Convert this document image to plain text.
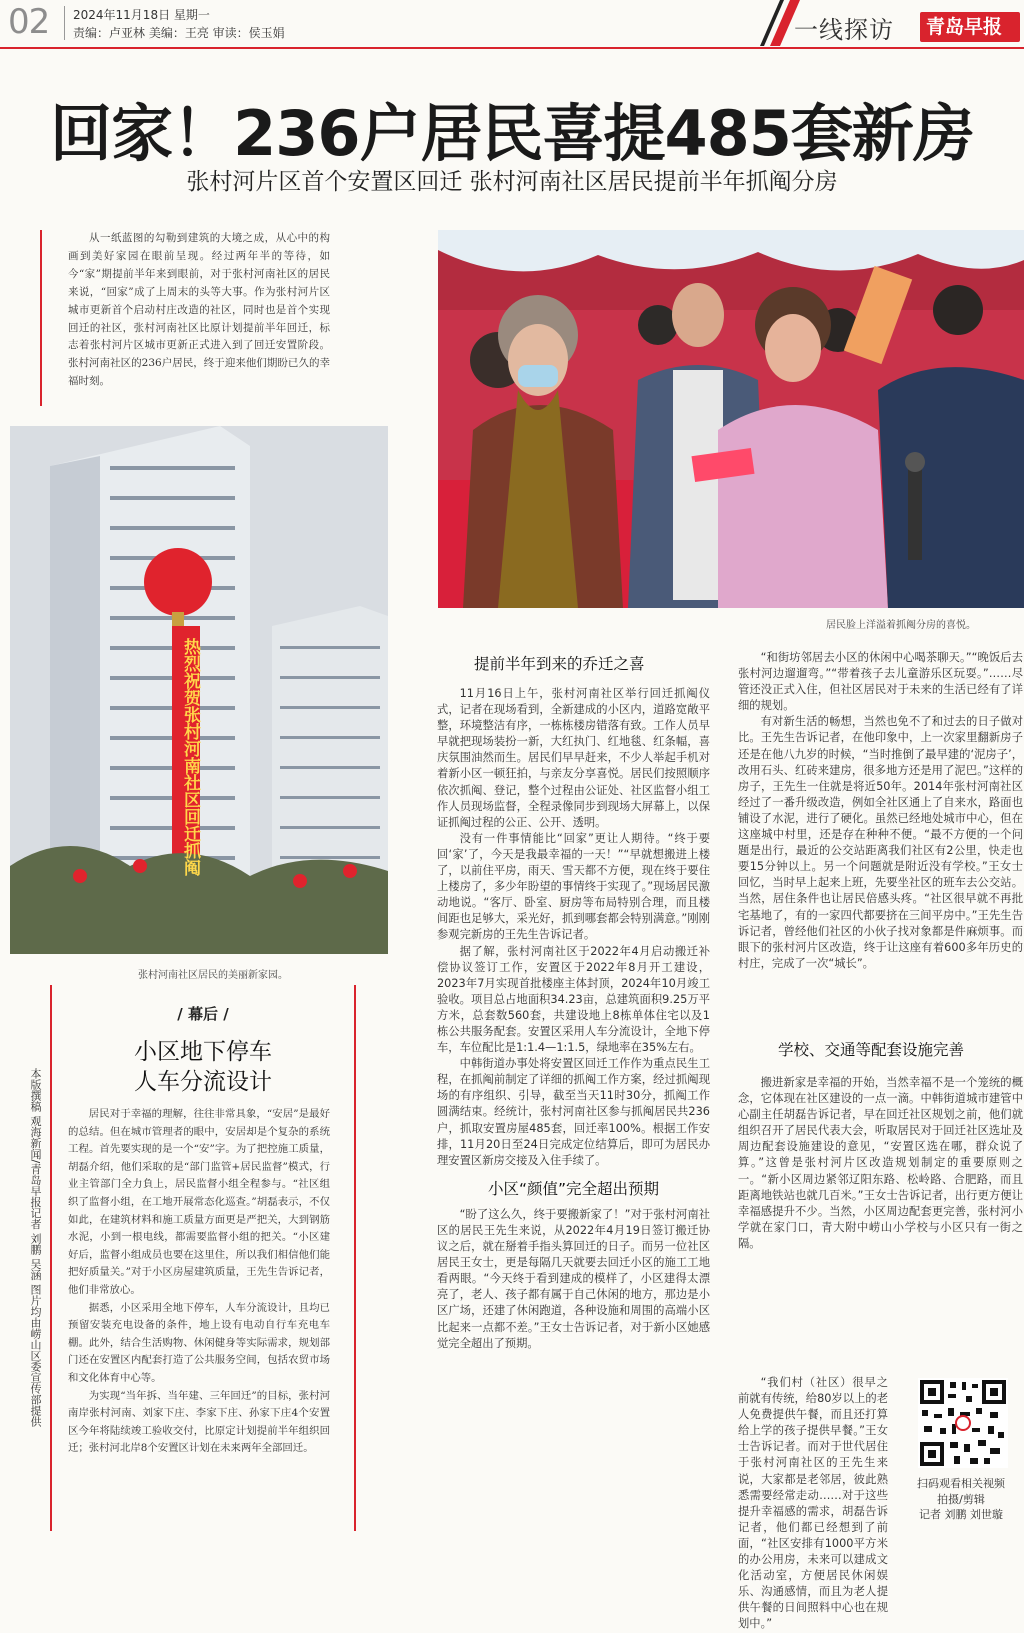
02 2024年11月18日 星期一
责编：卢亚林 美编：王亮 审读：侯玉娟	一线探访	青岛早报
回家！236户居民喜提485套新房
张村河片区首个安置区回迁 张村河南社区居民提前半年抓阄分房
从一纸蓝图的勾勒到建筑的大境之成，从心中的构画到美好家园在眼前呈现。经过两年半的等待，如今“家”期提前半年来到眼前，对于张村河南社区的居民来说，“回家”成了上周末的头等大事。作为张村河片区城市更新首个启动村庄改造的社区，同时也是首个实现回迁的社区，张村河南社区比原计划提前半年回迁，标志着张村河片区城市更新正式进入到了回迁安置阶段。张村河南社区的236户居民，终于迎来他们期盼已久的幸福时刻。
居民脸上洋溢着抓阄分房的喜悦。
热烈祝贺张村河南社区回迁抓阄
张村河南社区居民的美丽新家园。
/ 幕后 /
小区地下停车
人车分流设计

居民对于幸福的理解，往往非常具象，“安居”是最好的总结。但在城市管理者的眼中，安居却是个复杂的系统工程。首先要实现的是一个“安”字。为了把控施工质量，胡磊介绍，他们采取的是“部门监管+居民监督”模式，行业主管部门全力負上，居民监督小组全程参与。“社区组织了监督小组，在工地开展常态化巡查。”胡磊表示，不仅如此，在建筑材料和施工质量方面更是严把关，大到钢筋水泥，小到一根电线，都需要监督小组的把关。“小区建好后，监督小组成员也要在这里住，所以我们相信他们能把好质量关。”对于小区房屋建筑质量，王先生告诉记者，他们非常放心。

据悉，小区采用全地下停车，人车分流设计，且均已预留安装充电设备的条件，地上设有电动自行车充电车棚。此外，结合生活购物、休闲健身等实际需求，规划部门还在安置区内配套打造了公共服务空间，包括农贸市场和文化体育中心等。

为实现“当年拆、当年建、三年回迁”的目标，张村河南岸张村河南、刘家下庄、李家下庄、孙家下庄4个安置区今年将陆续竣工验收交付，比原定计划提前半年组织回迁；张村河北岸8个安置区计划在未来两年全部回迁。

本版撰稿 观海新闻/青岛早报记者 刘鹏 吴涵 图片均由崂山区委宣传部提供
提前半年到来的乔迁之喜

11月16日上午，张村河南社区举行回迁抓阄仪式，记者在现场看到，全新建成的小区内，道路宽敞平整，环境整洁有序，一栋栋楼房错落有致。工作人员早早就把现场装扮一新，大红执门、红地毯、红条幅，喜庆氛围油然而生。居民们早早赶来，不少人举起手机对着新小区一顿狂拍，与亲友分享喜悦。居民们按照顺序依次抓阄、登记，整个过程由公证处、社区监督小组工作人员现场监督，全程录像同步到现场大屏幕上，以保证抓阄过程的公正、公开、透明。

没有一件事情能比“回家”更让人期待。“终于要回‘家’了，今天是我最幸福的一天！”“早就想搬进上楼了，以前住平房，雨天、雪天都不方便，现在终于要住上楼房了，多少年盼望的事情终于实现了。”现场居民激动地说。“客厅、卧室、厨房等布局特别合理，而且楼间距也足够大，采光好，抓到哪套都会特别满意。”刚刚参观完新房的王先生告诉记者。

据了解，张村河南社区于2022年4月启动搬迁补偿协议签订工作，安置区于2022年8月开工建设，2023年7月实现首批楼座主体封顶，2024年10月竣工验收。项目总占地面积34.23亩，总建筑面积9.25万平方米，总套数560套，共建设地上8栋单体住宅以及1栋公共服务配套。安置区采用人车分流设计，全地下停车，车位配比是1:1.4—1:1.5，绿地率在35%左右。

中韩街道办事处将安置区回迁工作作为重点民生工程，在抓阄前制定了详细的抓阄工作方案，经过抓阄现场的有序组织、引导，截至当天11时30分，抓阄工作圆满结束。经统计，张村河南社区参与抓阄居民共236户，抓取安置房屋485套，回迁率100%。根据工作安排，11月20日至24日完成定位结算后，即可为居民办理安置区新房交接及入住手续了。

小区“颜值”完全超出预期

“盼了这么久，终于要搬新家了！”对于张村河南社区的居民王先生来说，从2022年4月19日签订搬迁协议之后，就在掰着手指头算回迁的日子。而另一位社区居民王女士，更是每隔几天就要去回迁小区的施工工地看两眼。“今天终于看到建成的模样了，小区建得太漂亮了，老人、孩子都有属于自己休闲的地方，那边是小区广场，还建了休闲跑道，各种设施和周围的高端小区比起来一点都不差。”王女士告诉记者，对于新小区她感觉完全超出了预期。

“和街坊邻居去小区的休闲中心喝茶聊天。”“晚饭后去张村河边遛遛弯。”“带着孩子去儿童游乐区玩耍。”……尽管还没正式入住，但社区居民对于未来的生活已经有了详细的规划。

有对新生活的畅想，当然也免不了和过去的日子做对比。王先生告诉记者，在他印象中，上一次家里翻新房子还是在他八九岁的时候，“当时推倒了最早建的‘泥房子’，改用石头、红砖来建房，很多地方还是用了泥巴。”这样的房子，王先生一住就是将近50年。2014年张村河南社区经过了一番升级改造，例如全社区通上了自来水，路面也铺设了水泥，进行了硬化。虽然已经地处城市中心，但在这座城中村里，还是存在种种不便。“最不方便的一个问题是出行，最近的公交站距离我们社区有2公里，快走也要15分钟以上。另一个问题就是附近没有学校。”王女士回忆，当时早上起来上班，先要坐社区的班车去公交站。当然，居住条件也让居民倍感头疼。“社区很早就不再批宅基地了，有的一家四代都要挤在三间平房中。”王先生告诉记者，曾经他们社区的小伙子找对象都是件麻烦事。而眼下的张村河片区改造，终于让这座有着600多年历史的村庄，完成了一次“城长”。

学校、交通等配套设施完善

搬进新家是幸福的开始，当然幸福不是一个笼统的概念，它体现在社区建设的一点一滴。中韩街道城市建管中心副主任胡磊告诉记者，早在回迁社区规划之前，他们就组织召开了居民代表大会，听取居民对于回迁社区选址及周边配套设施建设的意见，“安置区选在哪，群众说了算。”这曾是张村河片区改造规划制定的重要原则之一。“新小区周边紧邻辽阳东路、松岭路、合肥路，而且距离地铁站也就几百米。”王女士告诉记者，出行更方便让幸福感提升不少。当然，小区周边配套更完善，张村河小学就在家门口，青大附中崂山小学校与小区只有一街之隔。

“我们村（社区）很早之前就有传统，给80岁以上的老人免费提供午餐，而且还打算给上学的孩子提供早餐。”王女士告诉记者。而对于世代居住于张村河南社区的王先生来说，大家都是老邻居，彼此熟悉需要经常走动……对于这些提升幸福感的需求，胡磊告诉记者，他们都已经想到了前面，“社区安排有1000平方米的办公用房，未来可以建成文化活动室，方便居民休闲娱乐、沟通感情，而且为老人提供午餐的日间照料中心也在规划中。”

扫码观看相关视频
拍摄/剪辑
记者 刘鹏 刘世璇
